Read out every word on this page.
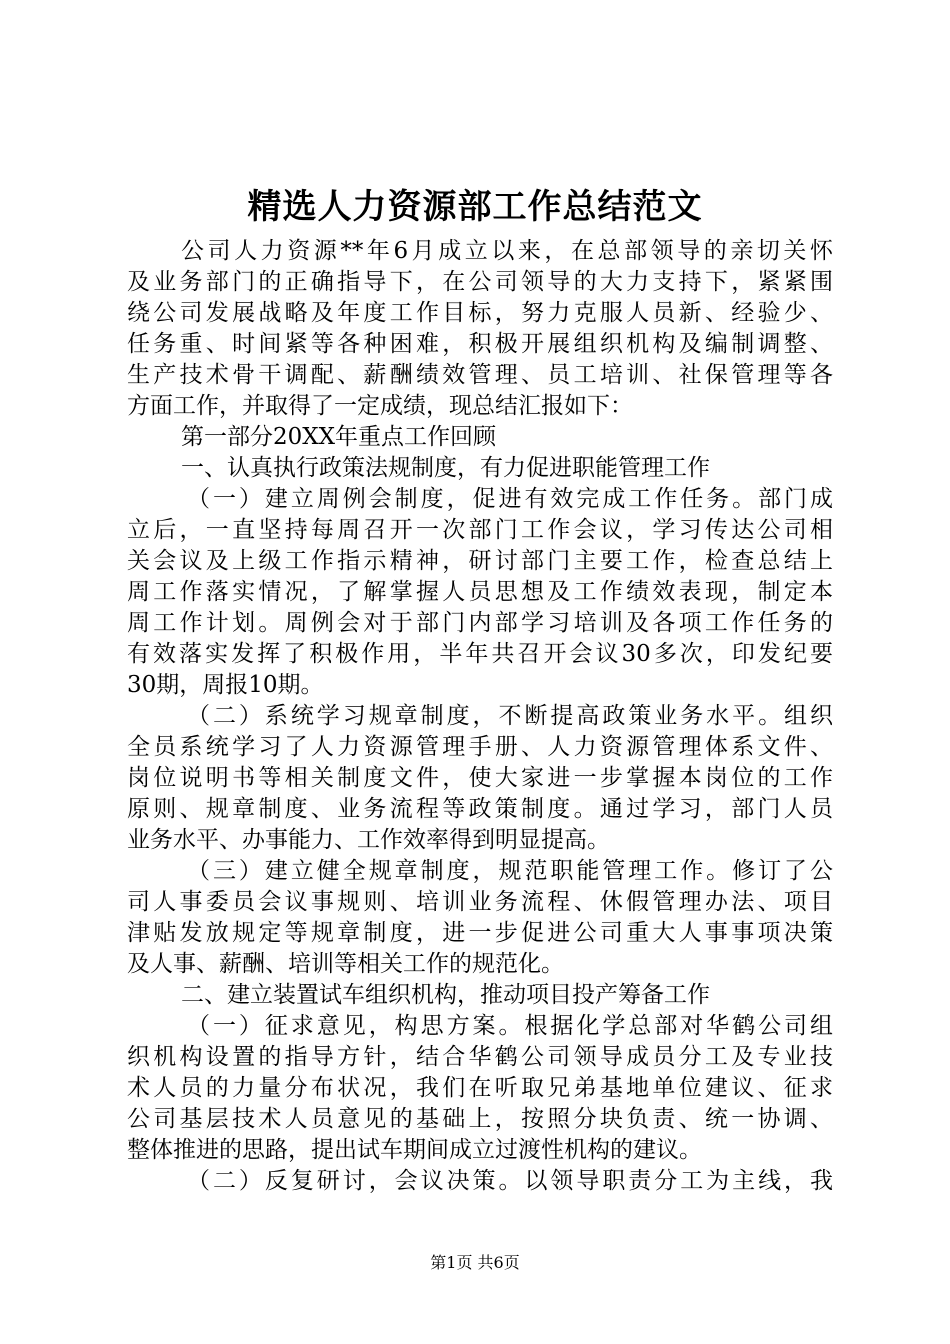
精选人力资源部工作总结范文
公司人力资源**年6月成立以来，在总部领导的亲切关怀
及业务部门的正确指导下，在公司领导的大力支持下，紧紧围
绕公司发展战略及年度工作目标，努力克服人员新、经验少、
任务重、时间紧等各种困难，积极开展组织机构及编制调整、
生产技术骨干调配、薪酬绩效管理、员工培训、社保管理等各
方面工作，并取得了一定成绩，现总结汇报如下：
第一部分20XX年重点工作回顾
一、认真执行政策法规制度，有力促进职能管理工作
（一）建立周例会制度，促进有效完成工作任务。部门成
立后，一直坚持每周召开一次部门工作会议，学习传达公司相
关会议及上级工作指示精神，研讨部门主要工作，检查总结上
周工作落实情况，了解掌握人员思想及工作绩效表现，制定本
周工作计划。周例会对于部门内部学习培训及各项工作任务的
有效落实发挥了积极作用，半年共召开会议30多次，印发纪要
30期，周报10期。
（二）系统学习规章制度，不断提高政策业务水平。组织
全员系统学习了人力资源管理手册、人力资源管理体系文件、
岗位说明书等相关制度文件，使大家进一步掌握本岗位的工作
原则、规章制度、业务流程等政策制度。通过学习，部门人员
业务水平、办事能力、工作效率得到明显提高。
（三）建立健全规章制度，规范职能管理工作。修订了公
司人事委员会议事规则、培训业务流程、休假管理办法、项目
津贴发放规定等规章制度，进一步促进公司重大人事事项决策
及人事、薪酬、培训等相关工作的规范化。
二、建立装置试车组织机构，推动项目投产筹备工作
（一）征求意见，构思方案。根据化学总部对华鹤公司组
织机构设置的指导方针，结合华鹤公司领导成员分工及专业技
术人员的力量分布状况，我们在听取兄弟基地单位建议、征求
公司基层技术人员意见的基础上，按照分块负责、统一协调、
整体推进的思路，提出试车期间成立过渡性机构的建议。
（二）反复研讨，会议决策。以领导职责分工为主线，我
第1页 共6页
